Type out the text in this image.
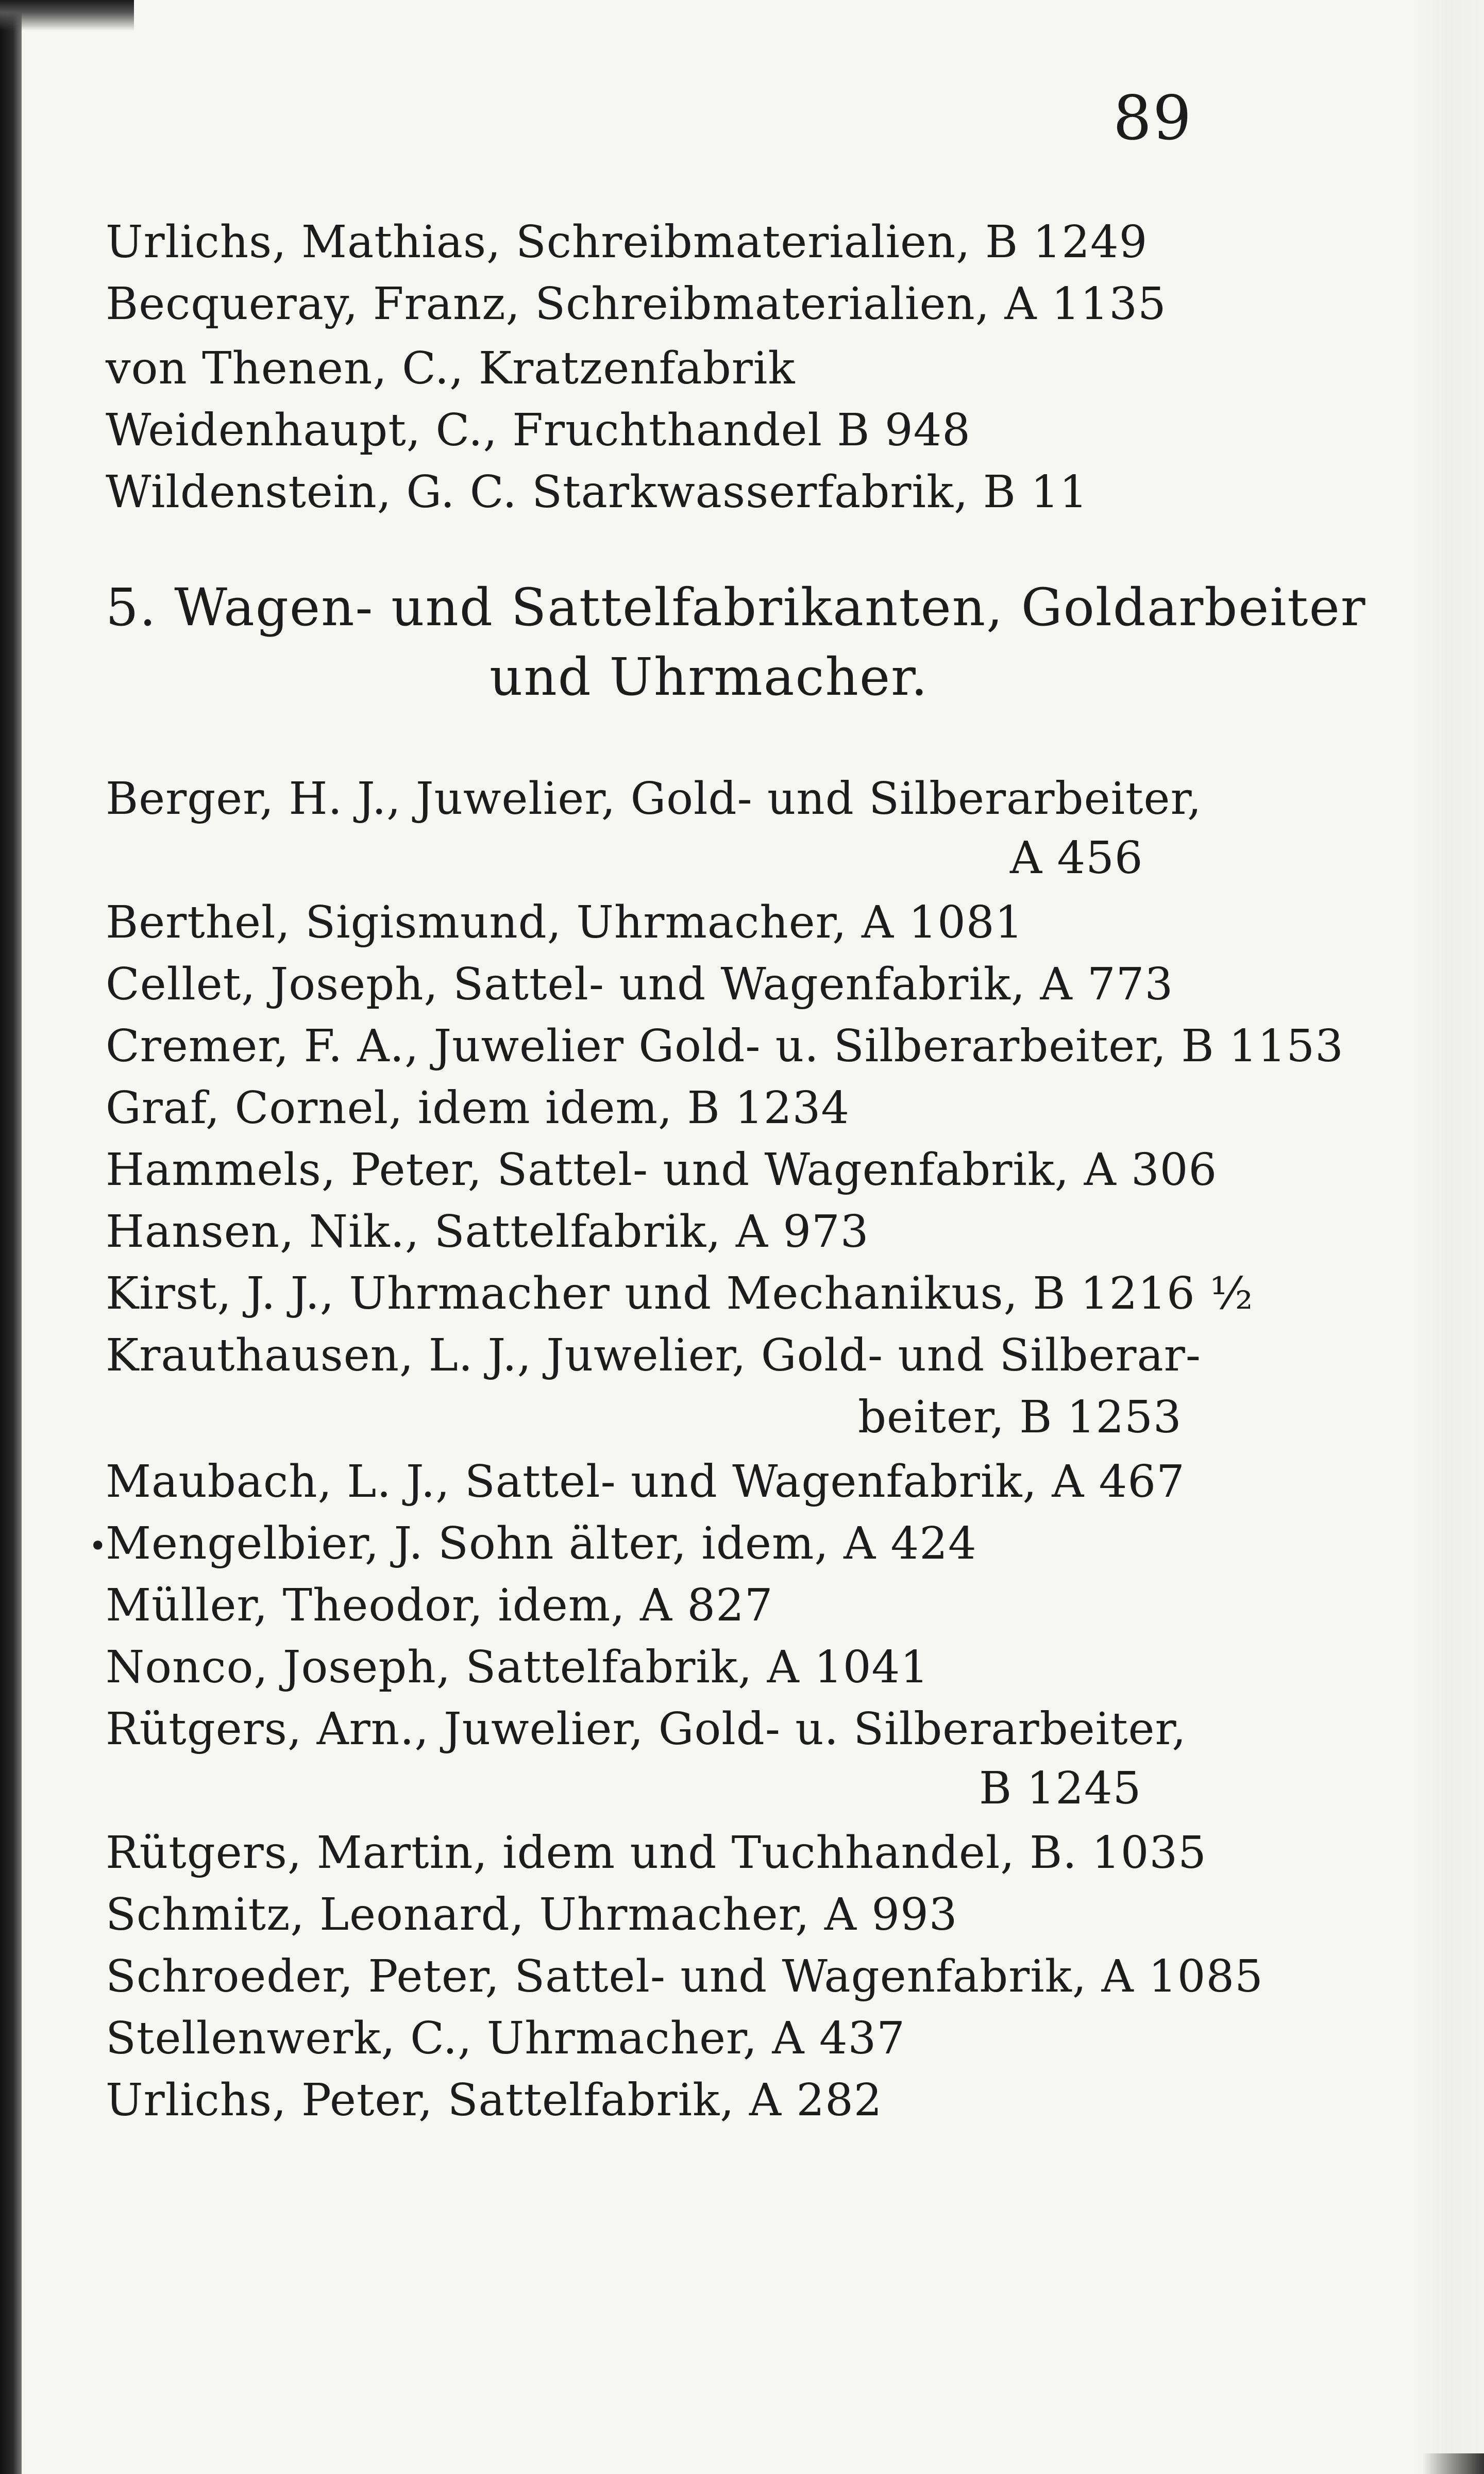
89
Urlichs, Mathias, Schreibmaterialien, B 1249
Becqueray, Franz, Schreibmaterialien, A 1135
von Thenen, C., Kratzenfabrik
Weidenhaupt, C., Fruchthandel B 948
Wildenstein, G. C. Starkwasserfabrik, B 11
5. Wagen- und Sattelfabrikanten, Goldarbeiter
und Uhrmacher.
Berger, H. J., Juwelier, Gold- und Silberarbeiter,
A 456
Berthel, Sigismund, Uhrmacher, A 1081
Cellet, Joseph, Sattel- und Wagenfabrik, A 773
Cremer, F. A., Juwelier Gold- u. Silberarbeiter, B 1153
Graf, Cornel, idem idem, B 1234
Hammels, Peter, Sattel- und Wagenfabrik, A 306
Hansen, Nik., Sattelfabrik, A 973
Kirst, J. J., Uhrmacher und Mechanikus, B 1216 ½
Krauthausen, L. J., Juwelier, Gold- und Silberar-
beiter, B 1253
Maubach, L. J., Sattel- und Wagenfabrik, A 467
•
Mengelbier, J. Sohn älter, idem, A 424
Müller, Theodor, idem, A 827
Nonco, Joseph, Sattelfabrik, A 1041
Rütgers, Arn., Juwelier, Gold- u. Silberarbeiter,
B 1245
Rütgers, Martin, idem und Tuchhandel, B. 1035
Schmitz, Leonard, Uhrmacher, A 993
Schroeder, Peter, Sattel- und Wagenfabrik, A 1085
Stellenwerk, C., Uhrmacher, A 437
Urlichs, Peter, Sattelfabrik, A 282
